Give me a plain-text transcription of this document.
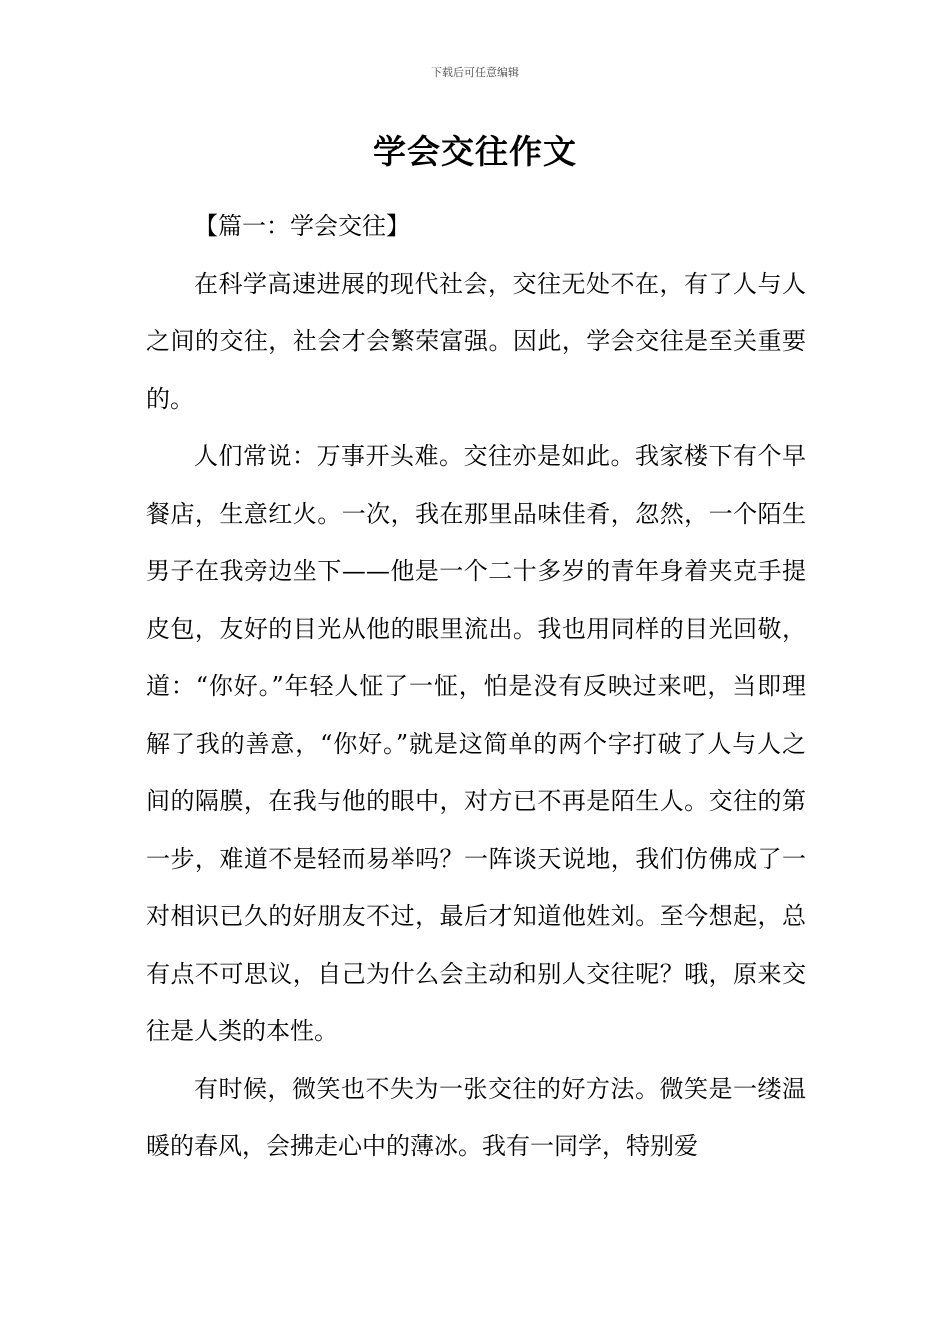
下载后可任意编辑
学会交往作文

【篇一：学会交往】

在科学高速进展的现代社会，交往无处不在，有了人与人之间的交往，社会才会繁荣富强。因此，学会交往是至关重要的。

人们常说：万事开头难。交往亦是如此。我家楼下有个早餐店，生意红火。一次，我在那里品味佳肴，忽然，一个陌生男子在我旁边坐下——他是一个二十多岁的青年身着夹克手提皮包，友好的目光从他的眼里流出。我也用同样的目光回敬，道：“你好。”年轻人怔了一怔，怕是没有反映过来吧，当即理解了我的善意，“你好。”就是这简单的两个字打破了人与人之间的隔膜，在我与他的眼中，对方已不再是陌生人。交往的第一步，难道不是轻而易举吗？一阵谈天说地，我们仿佛成了一对相识已久的好朋友不过，最后才知道他姓刘。至今想起，总有点不可思议，自己为什么会主动和别人交往呢？哦，原来交往是人类的本性。

有时候，微笑也不失为一张交往的好方法。微笑是一缕温暖的春风，会拂走心中的薄冰。我有一同学，特别爱
